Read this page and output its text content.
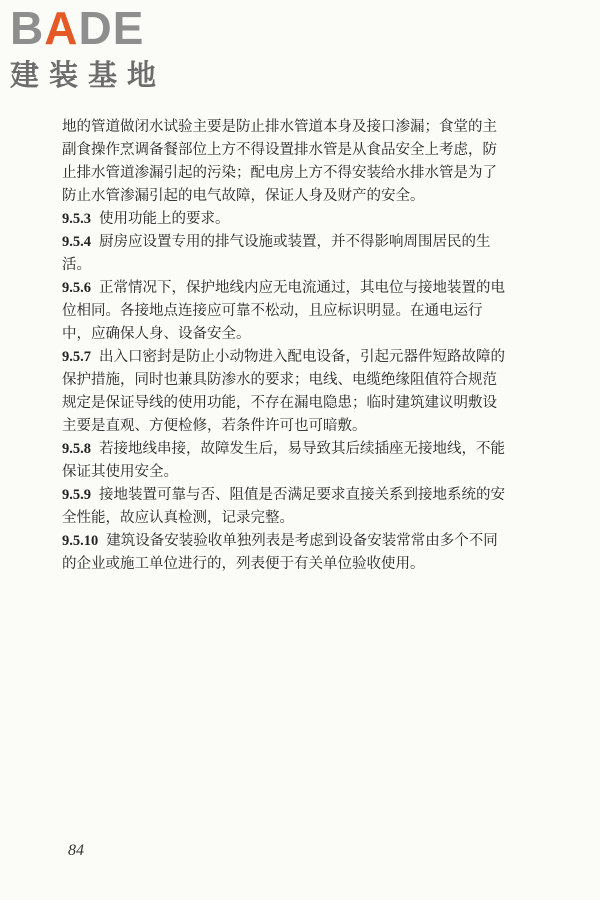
BADE
建装基地

地的管道做闭水试验主要是防止排水管道本身及接口渗漏；食堂的主副食操作烹调备餐部位上方不得设置排水管是从食品安全上考虑，防止排水管道渗漏引起的污染；配电房上方不得安装给水排水管是为了防止水管渗漏引起的电气故障，保证人身及财产的安全。

9.5.3 使用功能上的要求。

9.5.4 厨房应设置专用的排气设施或装置，并不得影响周围居民的生活。

9.5.6 正常情况下，保护地线内应无电流通过，其电位与接地装置的电位相同。各接地点连接应可靠不松动，且应标识明显。在通电运行中，应确保人身、设备安全。

9.5.7 出入口密封是防止小动物进入配电设备，引起元器件短路故障的保护措施，同时也兼具防渗水的要求；电线、电缆绝缘阻值符合规范规定是保证导线的使用功能，不存在漏电隐患；临时建筑建议明敷设主要是直观、方便检修，若条件许可也可暗敷。

9.5.8 若接地线串接，故障发生后，易导致其后续插座无接地线，不能保证其使用安全。

9.5.9 接地装置可靠与否、阻值是否满足要求直接关系到接地系统的安全性能，故应认真检测，记录完整。

9.5.10 建筑设备安装验收单独列表是考虑到设备安装常常由多个不同的企业或施工单位进行的，列表便于有关单位验收使用。

84
